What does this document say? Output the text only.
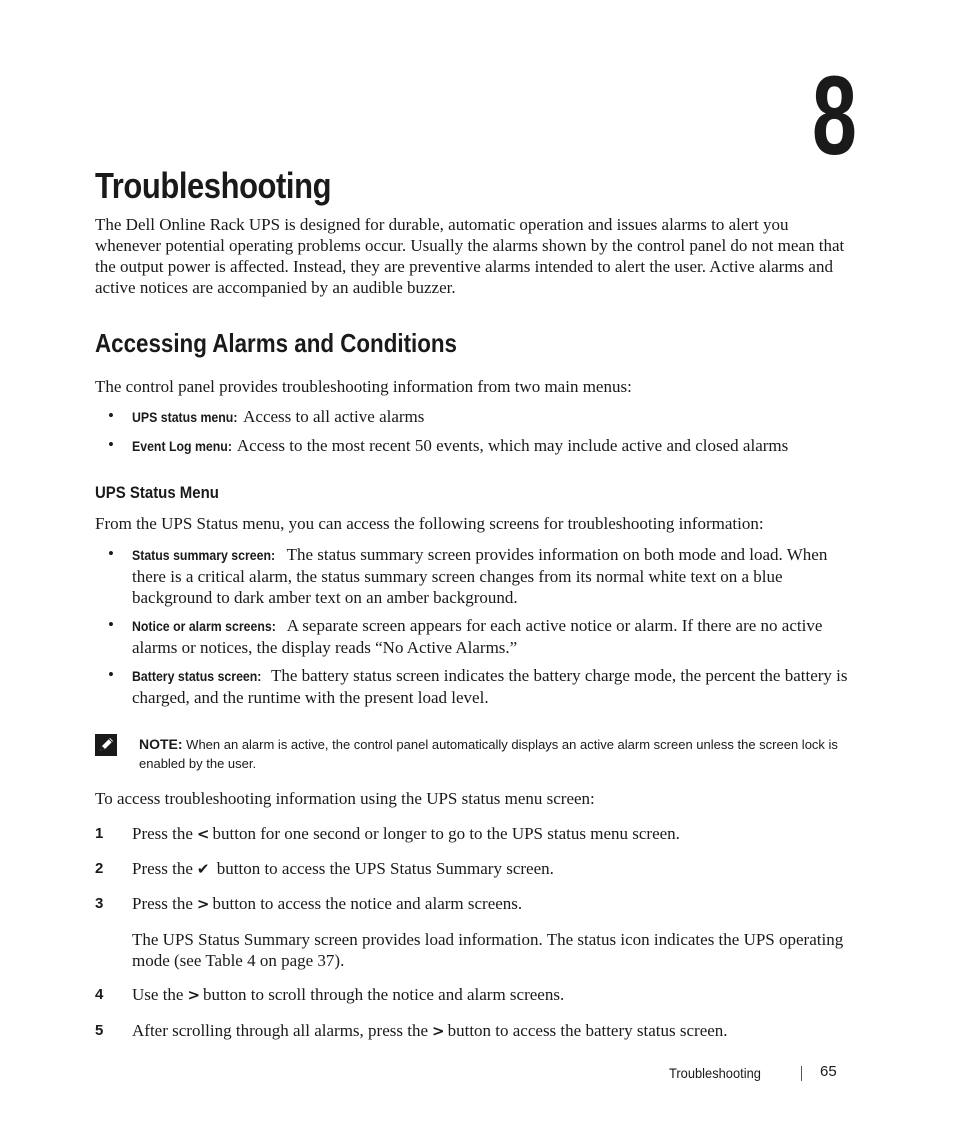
8
Troubleshooting
The Dell Online Rack UPS is designed for durable, automatic operation and issues alarms to alert you whenever potential operating problems occur. Usually the alarms shown by the control panel do not mean that the output power is affected. Instead, they are preventive alarms intended to alert the user. Active alarms and active notices are accompanied by an audible buzzer.
Accessing Alarms and Conditions
The control panel provides troubleshooting information from two main menus:
• UPS status menu: Access to all active alarms
• Event Log menu: Access to the most recent 50 events, which may include active and closed alarms
UPS Status Menu
From the UPS Status menu, you can access the following screens for troubleshooting information:
• Status summary screen: The status summary screen provides information on both mode and load. When there is a critical alarm, the status summary screen changes from its normal white text on a blue background to dark amber text on an amber background.
• Notice or alarm screens: A separate screen appears for each active notice or alarm. If there are no active alarms or notices, the display reads “No Active Alarms.”
• Battery status screen: The battery status screen indicates the battery charge mode, the percent the battery is charged, and the runtime with the present load level.
NOTE: When an alarm is active, the control panel automatically displays an active alarm screen unless the screen lock is enabled by the user.
To access troubleshooting information using the UPS status menu screen:
1 Press the < button for one second or longer to go to the UPS status menu screen.
2 Press the ✔ button to access the UPS Status Summary screen.
3 Press the > button to access the notice and alarm screens.
The UPS Status Summary screen provides load information. The status icon indicates the UPS operating mode (see Table 4 on page 37).
4 Use the > button to scroll through the notice and alarm screens.
5 After scrolling through all alarms, press the > button to access the battery status screen.
Troubleshooting	65
